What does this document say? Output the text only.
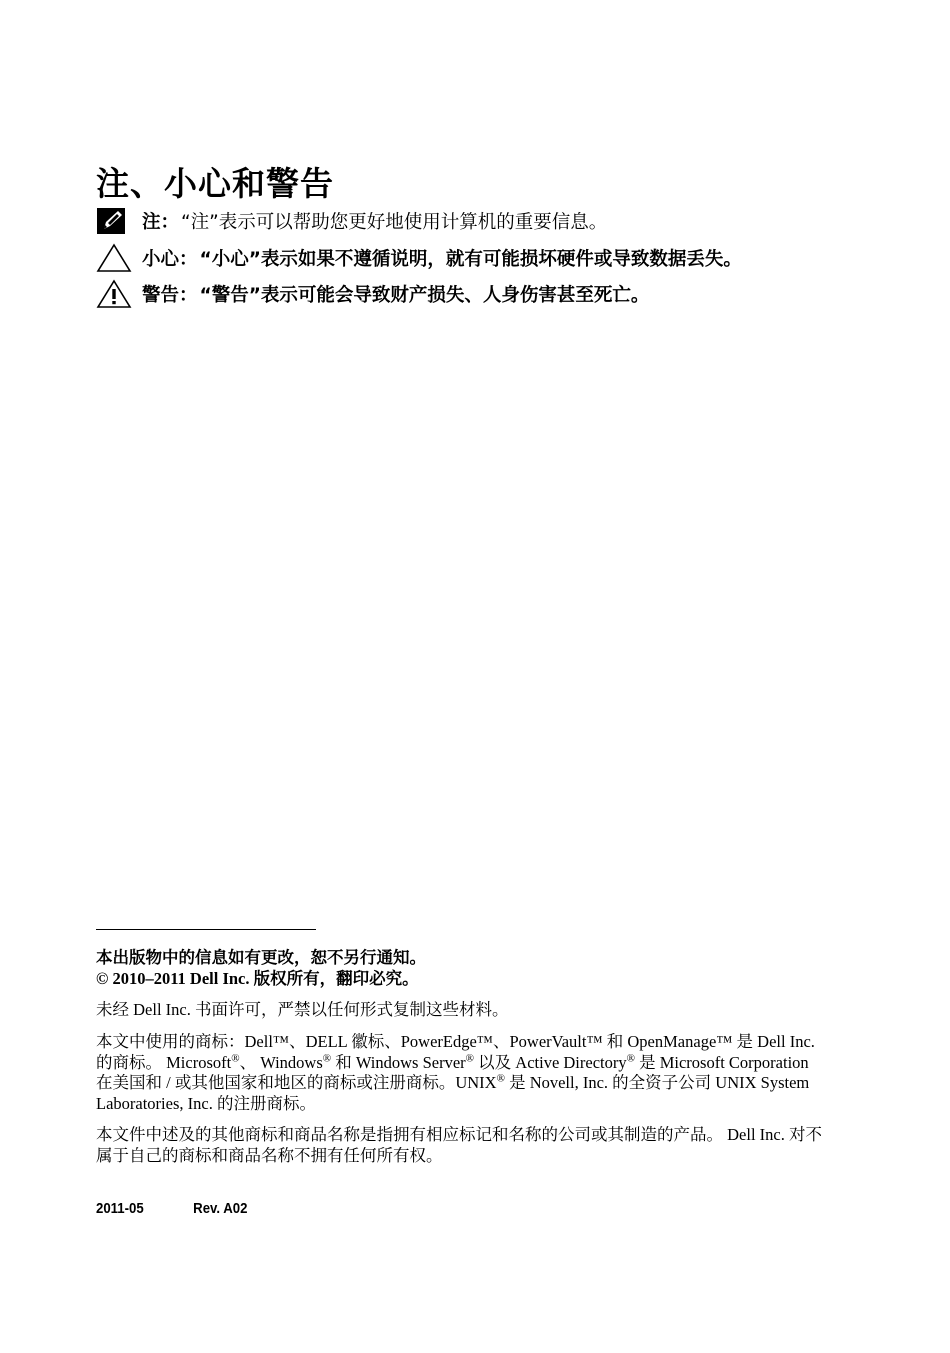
注、小心和警告
注 ： “注”表示可以帮助您更好地使用计算机的重要信息。
小心 ： “小心”表示如果不遵循说明，就有可能损坏硬件或导致数据丢失。
警告 ： “警告”表示可能会导致财产损失、人身伤害甚至死亡。

本出版物中的信息如有更改，恕不另行通知。

© 2010–2011 Dell Inc. 版权所有，翻印必究。

未经 Dell Inc. 书面许可，严禁以任何形式复制这些材料。

本文中使用的商标：Dell™、DELL 徽标、PowerEdge™、PowerVault™ 和 OpenManage™ 是 Dell Inc. 的商标。 Microsoft®、 Windows® 和 Windows Server® 以及 Active Directory® 是 Microsoft Corporation 在美国和 / 或其他国家和地区的商标或注册商标。UNIX® 是 Novell, Inc. 的全资子公司 UNIX System Laboratories, Inc. 的注册商标。

本文件中述及的其他商标和商品名称是指拥有相应标记和名称的公司或其制造的产品。 Dell Inc. 对不属于自己的商标和商品名称不拥有任何所有权。

2011-05	Rev. A02
